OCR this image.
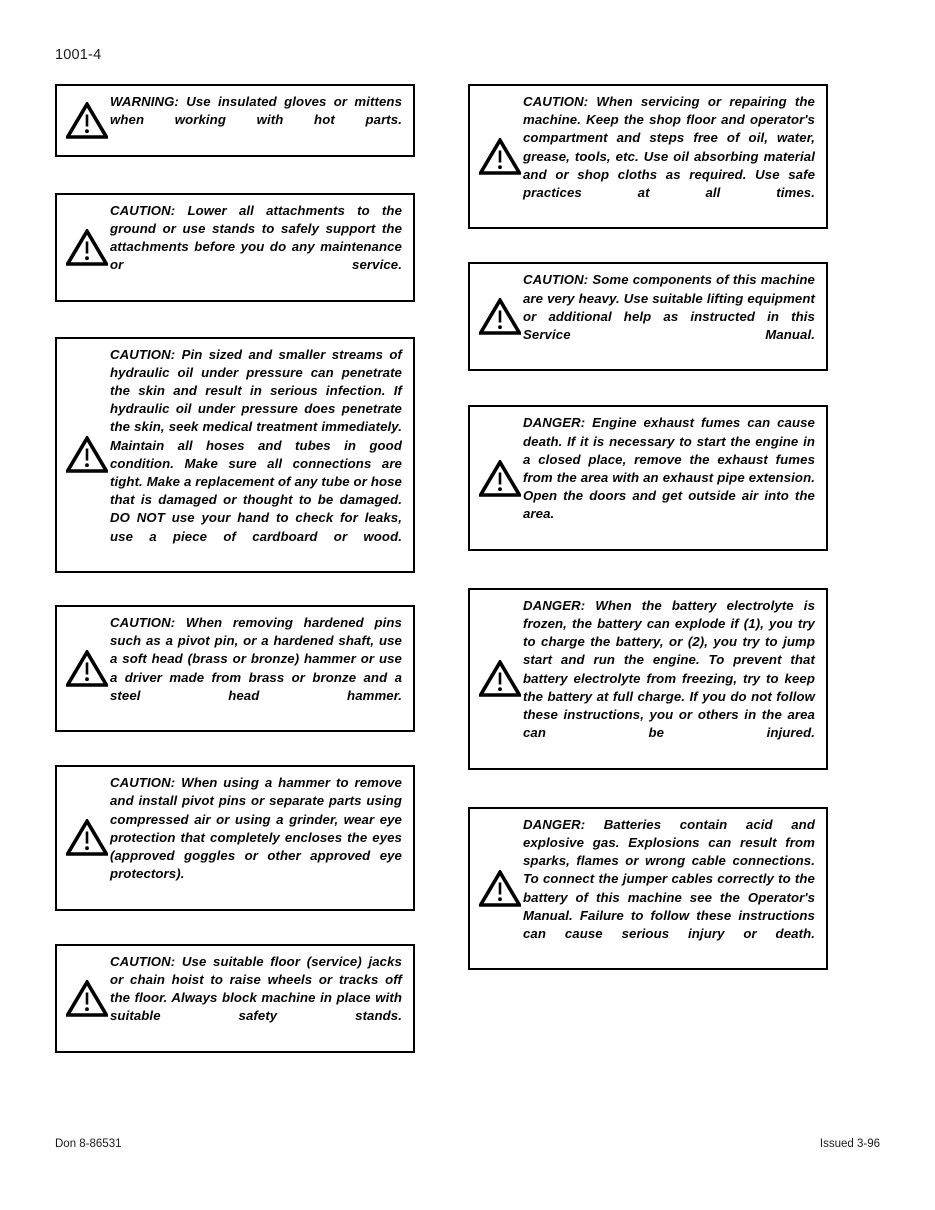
1001-4
WARNING: Use insulated gloves or mittens when working with hot parts.
CAUTION: Lower all attachments to the ground or use stands to safely support the attachments before you do any maintenance or service.
CAUTION: Pin sized and smaller streams of hydraulic oil under pressure can penetrate the skin and result in serious infection. If hydraulic oil under pressure does penetrate the skin, seek medical treatment immediately. Maintain all hoses and tubes in good condition. Make sure all connections are tight. Make a replacement of any tube or hose that is damaged or thought to be damaged. DO NOT use your hand to check for leaks, use a piece of cardboard or wood.
CAUTION: When removing hardened pins such as a pivot pin, or a hardened shaft, use a soft head (brass or bronze) hammer or use a driver made from brass or bronze and a steel head hammer.
CAUTION: When using a hammer to remove and install pivot pins or separate parts using compressed air or using a grinder, wear eye protection that completely encloses the eyes (approved goggles or other approved eye protectors).
CAUTION: Use suitable floor (service) jacks or chain hoist to raise wheels or tracks off the floor. Always block machine in place with suitable safety stands.
CAUTION: When servicing or repairing the machine. Keep the shop floor and operator's compartment and steps free of oil, water, grease, tools, etc. Use oil absorbing material and or shop cloths as required. Use safe practices at all times.
CAUTION: Some components of this machine are very heavy. Use suitable lifting equipment or additional help as instructed in this Service Manual.
DANGER: Engine exhaust fumes can cause death. If it is necessary to start the engine in a closed place, remove the exhaust fumes from the area with an exhaust pipe extension. Open the doors and get outside air into the area.
DANGER: When the battery electrolyte is frozen, the battery can explode if (1), you try to charge the battery, or (2), you try to jump start and run the engine. To prevent that battery electrolyte from freezing, try to keep the battery at full charge. If you do not follow these instructions, you or others in the area can be injured.
DANGER: Batteries contain acid and explosive gas. Explosions can result from sparks, flames or wrong cable connections. To connect the jumper cables correctly to the battery of this machine see the Operator's Manual. Failure to follow these instructions can cause serious injury or death.
Don 8-86531	Issued 3-96
